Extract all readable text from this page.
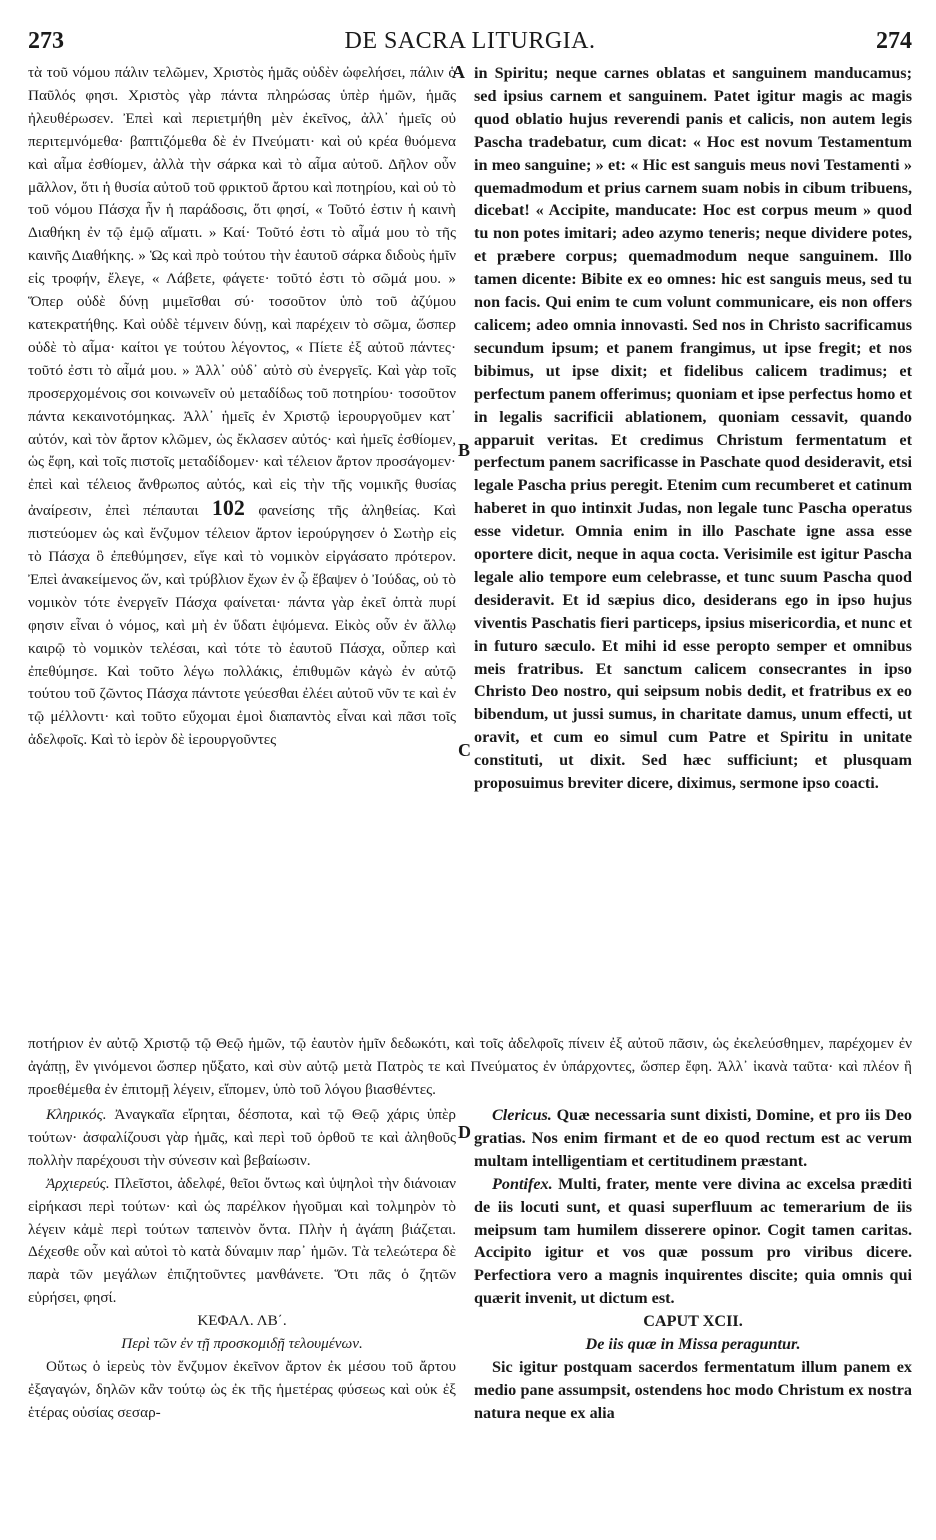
273	DE SACRA LITURGIA.	274
A
B
C
D

τὰ τοῦ νόμου πάλιν τελῶμεν, Χριστὸς ἡμᾶς οὐδὲν ὠφελήσει, πάλιν ὁ Παῦλός φησι. Χριστὸς γὰρ πάντα πληρώσας ὑπὲρ ἡμῶν, ἡμᾶς ἠλευθέρωσεν. Ἐπεὶ καὶ περιετμήθη μὲν ἐκεῖνος, ἀλλ᾽ ἡμεῖς οὐ περιτεμνόμεθα· βαπτιζόμεθα δὲ ἐν Πνεύματι· καὶ οὐ κρέα θυόμενα καὶ αἷμα ἐσθίομεν, ἀλλὰ τὴν σάρκα καὶ τὸ αἷμα αὐτοῦ. Δῆλον οὖν μᾶλλον, ὅτι ἡ θυσία αὐτοῦ τοῦ φρικτοῦ ἄρτου καὶ ποτηρίου, καὶ οὐ τὸ τοῦ νόμου Πάσχα ἦν ἡ παράδοσις, ὅτι φησί, « Τοῦτό ἐστιν ἡ καινὴ Διαθήκη ἐν τῷ ἐμῷ αἵματι. » Καί· Τοῦτό ἐστι τὸ αἷμά μου τὸ τῆς καινῆς Διαθήκης. » Ὡς καὶ πρὸ τούτου τὴν ἑαυτοῦ σάρκα διδοὺς ἡμῖν εἰς τροφήν, ἔλεγε, « Λάβετε, φάγετε· τοῦτό ἐστι τὸ σῶμά μου. » Ὅπερ οὐδὲ δύνῃ μιμεῖσθαι σύ· τοσοῦτον ὑπὸ τοῦ ἀζύμου κατεκρατήθης. Καὶ οὐδὲ τέμνειν δύνῃ, καὶ παρέχειν τὸ σῶμα, ὥσπερ οὐδὲ τὸ αἷμα· καίτοι γε τούτου λέγοντος, « Πίετε ἐξ αὐτοῦ πάντες· τοῦτό ἐστι τὸ αἷμά μου. » Ἀλλ᾽ οὐδ᾽ αὐτὸ σὺ ἐνεργεῖς. Καὶ γὰρ τοῖς προσερχομένοις σοι κοινωνεῖν οὐ μεταδίδως τοῦ ποτηρίου· τοσοῦτον πάντα κεκαινοτόμηκας. Ἀλλ᾽ ἡμεῖς ἐν Χριστῷ ἱερουργοῦμεν κατ᾽ αὐτόν, καὶ τὸν ἄρτον κλῶμεν, ὡς ἔκλασεν αὐτός· καὶ ἡμεῖς ἐσθίομεν, ὡς ἔφη, καὶ τοῖς πιστοῖς μεταδίδομεν· καὶ τέλειον ἄρτον προσάγομεν· ἐπεὶ καὶ τέλειος ἄνθρωπος αὐτός, καὶ εἰς τὴν τῆς νομικῆς θυσίας ἀναίρεσιν, ἐπεὶ πέπαυται 102 φανείσης τῆς ἀληθείας. Καὶ πιστεύομεν ὡς καὶ ἔνζυμον τέλειον ἄρτον ἱερούργησεν ὁ Σωτὴρ εἰς τὸ Πάσχα ὃ ἐπεθύμησεν, εἴγε καὶ τὸ νομικὸν εἰργάσατο πρότερον. Ἐπεὶ ἀνακείμενος ὤν, καὶ τρύβλιον ἔχων ἐν ᾧ ἔβαψεν ὁ Ἰούδας, οὐ τὸ νομικὸν τότε ἐνεργεῖν Πάσχα φαίνεται· πάντα γὰρ ἐκεῖ ὀπτὰ πυρί φησιν εἶναι ὁ νόμος, καὶ μὴ ἐν ὕδατι ἑψόμενα. Εἰκὸς οὖν ἐν ἄλλῳ καιρῷ τὸ νομικὸν τελέσαι, καὶ τότε τὸ ἑαυτοῦ Πάσχα, οὗπερ καὶ ἐπεθύμησε. Καὶ τοῦτο λέγω πολλάκις, ἐπιθυμῶν κἀγὼ ἐν αὐτῷ τούτου τοῦ ζῶντος Πάσχα πάντοτε γεύεσθαι ἐλέει αὐτοῦ νῦν τε καὶ ἐν τῷ μέλλοντι· καὶ τοῦτο εὔχομαι ἐμοὶ διαπαντὸς εἶναι καὶ πᾶσι τοῖς ἀδελφοῖς. Καὶ τὸ ἱερὸν δὲ ἱερουργοῦντες

in Spiritu; neque carnes oblatas et sanguinem manducamus; sed ipsius carnem et sanguinem. Patet igitur magis ac magis quod oblatio hujus reverendi panis et calicis, non autem legis Pascha tradebatur, cum dicat: « Hoc est novum Testamentum in meo sanguine; » et: « Hic est sanguis meus novi Testamenti » quemadmodum et prius carnem suam nobis in cibum tribuens, dicebat! « Accipite, manducate: Hoc est corpus meum » quod tu non potes imitari; adeo azymo teneris; neque dividere potes, et præbere corpus; quemadmodum neque sanguinem. Illo tamen dicente: Bibite ex eo omnes: hic est sanguis meus, sed tu non facis. Qui enim te cum volunt communicare, eis non offers calicem; adeo omnia innovasti. Sed nos in Christo sacrificamus secundum ipsum; et panem frangimus, ut ipse fregit; et nos bibimus, ut ipse dixit; et fidelibus calicem tradimus; et perfectum panem offerimus; quoniam et ipse perfectus homo et in legalis sacrificii ablationem, quoniam cessavit, quando apparuit veritas. Et credimus Christum fermentatum et perfectum panem sacrificasse in Paschate quod desideravit, etsi legale Pascha prius peregit. Etenim cum recumberet et catinum haberet in quo intinxit Judas, non legale tunc Pascha operatus esse videtur. Omnia enim in illo Paschate igne assa esse oportere dicit, neque in aqua cocta. Verisimile est igitur Pascha legale alio tempore eum celebrasse, et tunc suum Pascha quod desideravit. Et id sæpius dico, desiderans ego in ipso hujus viventis Paschatis fieri particeps, ipsius misericordia, et nunc et in futuro sæculo. Et mihi id esse peropto semper et omnibus meis fratribus. Et sanctum calicem consecrantes in ipso Christo Deo nostro, qui seipsum nobis dedit, et fratribus ex eo bibendum, ut jussi sumus, in charitate damus, unum effecti, ut oravit, et cum eo simul cum Patre et Spiritu in unitate constituti, ut dixit. Sed hæc sufficiunt; et plusquam proposuimus breviter dicere, diximus, sermone ipso coacti.

ποτήριον ἐν αὐτῷ Χριστῷ τῷ Θεῷ ἡμῶν, τῷ ἑαυτὸν ἡμῖν δεδωκότι, καὶ τοῖς ἀδελφοῖς πίνειν ἐξ αὐτοῦ πᾶσιν, ὡς ἐκελεύσθημεν, παρέχομεν ἐν ἀγάπῃ, ἓν γινόμενοι ὥσπερ ηὔξατο, καὶ σὺν αὐτῷ μετὰ Πατρὸς τε καὶ Πνεύματος ἐν ὑπάρχοντες, ὥσπερ ἔφη. Ἀλλ᾽ ἱκανὰ ταῦτα· καὶ πλέον ἢ προεθέμεθα ἐν ἐπιτομῇ λέγειν, εἴπομεν, ὑπὸ τοῦ λόγου βιασθέντες.

Κληρικός. Ἀναγκαῖα εἴρηται, δέσποτα, καὶ τῷ Θεῷ χάρις ὑπὲρ τούτων· ἀσφαλίζουσι γὰρ ἡμᾶς, καὶ περὶ τοῦ ὀρθοῦ τε καὶ ἀληθοῦς πολλὴν παρέχουσι τὴν σύνεσιν καὶ βεβαίωσιν.

Ἀρχιερεύς. Πλεῖστοι, ἀδελφέ, θεῖοι ὄντως καὶ ὑψηλοὶ τὴν διάνοιαν εἰρήκασι περὶ τούτων· καὶ ὡς παρέλκον ἡγοῦμαι καὶ τολμηρὸν τὸ λέγειν κἀμὲ περὶ τούτων ταπεινὸν ὄντα. Πλὴν ἡ ἀγάπη βιάζεται. Δέχεσθε οὖν καὶ αὐτοὶ τὸ κατὰ δύναμιν παρ᾽ ἡμῶν. Τὰ τελεώτερα δὲ παρὰ τῶν μεγάλων ἐπιζητοῦντες μανθάνετε. Ὅτι πᾶς ὁ ζητῶν εὑρήσει, φησί.

ΚΕΦΑΛ. ΛΒ΄.

Περὶ τῶν ἐν τῇ προσκομιδῇ τελουμένων.

Οὕτως ὁ ἱερεὺς τὸν ἔνζυμον ἐκεῖνον ἄρτον ἐκ μέσου τοῦ ἄρτου ἐξαγαγών, δηλῶν κἂν τούτῳ ὡς ἐκ τῆς ἡμετέρας φύσεως καὶ οὐκ ἐξ ἑτέρας οὐσίας σεσαρ-

Clericus. Quæ necessaria sunt dixisti, Domine, et pro iis Deo gratias. Nos enim firmant et de eo quod rectum est ac verum multam intelligentiam et certitudinem præstant.

Pontifex. Multi, frater, mente vere divina ac excelsa præditi de iis locuti sunt, et quasi superfluum ac temerarium de iis meipsum tam humilem disserere opinor. Cogit tamen caritas. Accipito igitur et vos quæ possum pro viribus dicere. Perfectiora vero a magnis inquirentes discite; quia omnis qui quærit invenit, ut dictum est.

CAPUT XCII.

De iis quæ in Missa peraguntur.

Sic igitur postquam sacerdos fermentatum illum panem ex medio pane assumpsit, ostendens hoc modo Christum ex nostra natura neque ex alia
